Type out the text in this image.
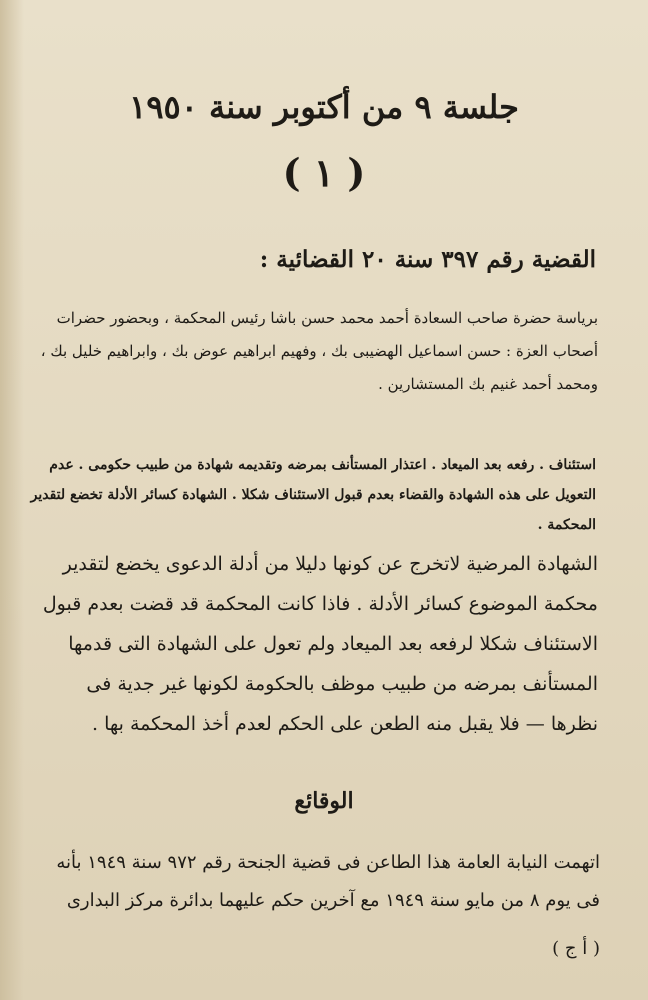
جلسة ٩ من أكتوبر سنة ١٩٥٠
( ١ )
القضية رقم ٣٩٧ سنة ٢٠ القضائية :

برياسة حضرة صاحب السعادة أحمد محمد حسن باشا رئيس المحكمة ، وبحضور حضرات أصحاب العزة : حسن اسماعيل الهضيبى بك ، وفهيم ابراهيم عوض بك ، وابراهيم خليل بك ، ومحمد أحمد غنيم بك المستشارين .

استئناف . رفعه بعد الميعاد . اعتذار المستأنف بمرضه وتقديمه شهادة من طبيب حكومى . عدم التعويل على هذه الشهادة والقضاء بعدم قبول الاستئناف شكلا . الشهادة كسائر الأدلة تخضع لتقدير المحكمة .

الشهادة المرضية لاتخرج عن كونها دليلا من أدلة الدعوى يخضع لتقدير محكمة الموضوع كسائر الأدلة . فاذا كانت المحكمة قد قضت بعدم قبول الاستئناف شكلا لرفعه بعد الميعاد ولم تعول على الشهادة التى قدمها المستأنف بمرضه من طبيب موظف بالحكومة لكونها غير جدية فى نظرها — فلا يقبل منه الطعن على الحكم لعدم أخذ المحكمة بها .

الوقائع

اتهمت النيابة العامة هذا الطاعن فى قضية الجنحة رقم ٩٧٢ سنة ١٩٤٩ بأنه فى يوم ٨ من مايو سنة ١٩٤٩ مع آخرين حكم عليهما بدائرة مركز البدارى

( أ ج )
